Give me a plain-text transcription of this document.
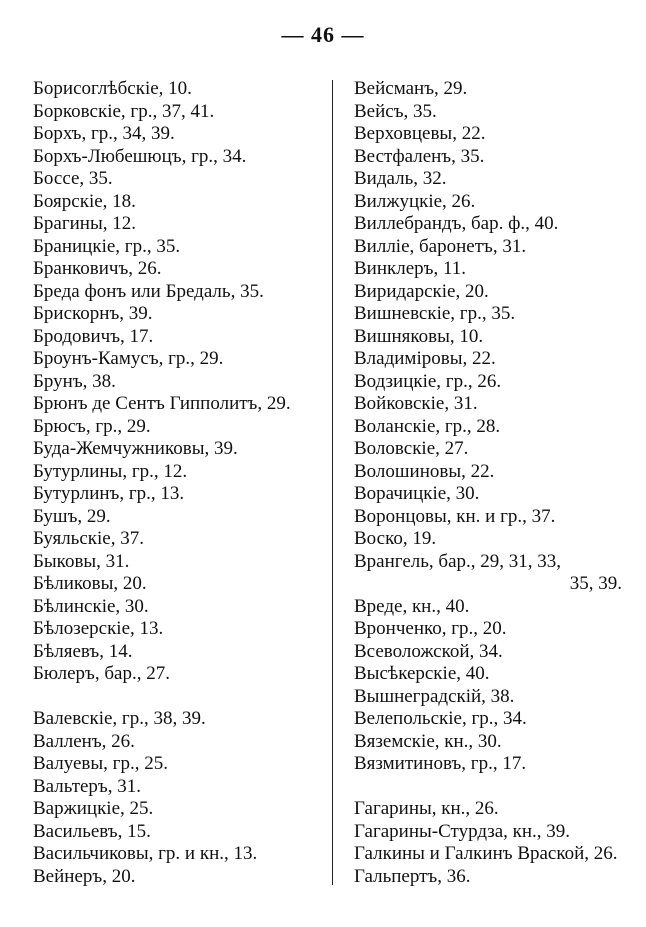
— 46 —
Борисоглѣбскіе, 10.
Борковскіе, гр., 37, 41.
Борхъ, гр., 34, 39.
Борхъ-Любешюцъ, гр., 34.
Боссе, 35.
Боярскіе, 18.
Брагины, 12.
Браницкіе, гр., 35.
Бранковичъ, 26.
Бреда фонъ или Бредаль, 35.
Брискорнъ, 39.
Бродовичъ, 17.
Броунъ-Камусъ, гр., 29.
Брунъ, 38.
Брюнъ де Сентъ Гипполитъ, 29.
Брюсъ, гр., 29.
Буда-Жемчужниковы, 39.
Бутурлины, гр., 12.
Бутурлинъ, гр., 13.
Бушъ, 29.
Буяльскіе, 37.
Быковы, 31.
Бѣликовы, 20.
Бѣлинскіе, 30.
Бѣлозерскіе, 13.
Бѣляевъ, 14.
Бюлеръ, бар., 27.
Валевскіе, гр., 38, 39.
Валленъ, 26.
Валуевы, гр., 25.
Вальтеръ, 31.
Варжицкіе, 25.
Васильевъ, 15.
Васильчиковы, гр. и кн., 13.
Вейнеръ, 20.
Вейсманъ, 29.
Вейсъ, 35.
Верховцевы, 22.
Вестфаленъ, 35.
Видаль, 32.
Вилжуцкіе, 26.
Виллебрандъ, бар. ф., 40.
Вилліе, баронетъ, 31.
Винклеръ, 11.
Виридарскіе, 20.
Вишневскіе, гр., 35.
Вишняковы, 10.
Владиміровы, 22.
Водзицкіе, гр., 26.
Войковскіе, 31.
Воланскіе, гр., 28.
Воловскіе, 27.
Волошиновы, 22.
Ворачицкіе, 30.
Воронцовы, кн. и гр., 37.
Воско, 19.
Врангель, бар., 29, 31, 33,
35, 39.
Вреде, кн., 40.
Вронченко, гр., 20.
Всеволожской, 34.
Высѣкерскіе, 40.
Вышнеградскій, 38.
Велепольскіе, гр., 34.
Вяземскіе, кн., 30.
Вязмитиновъ, гр., 17.
Гагарины, кн., 26.
Гагарины-Стурдза, кн., 39.
Галкины и Галкинъ Враской, 26.
Гальпертъ, 36.
